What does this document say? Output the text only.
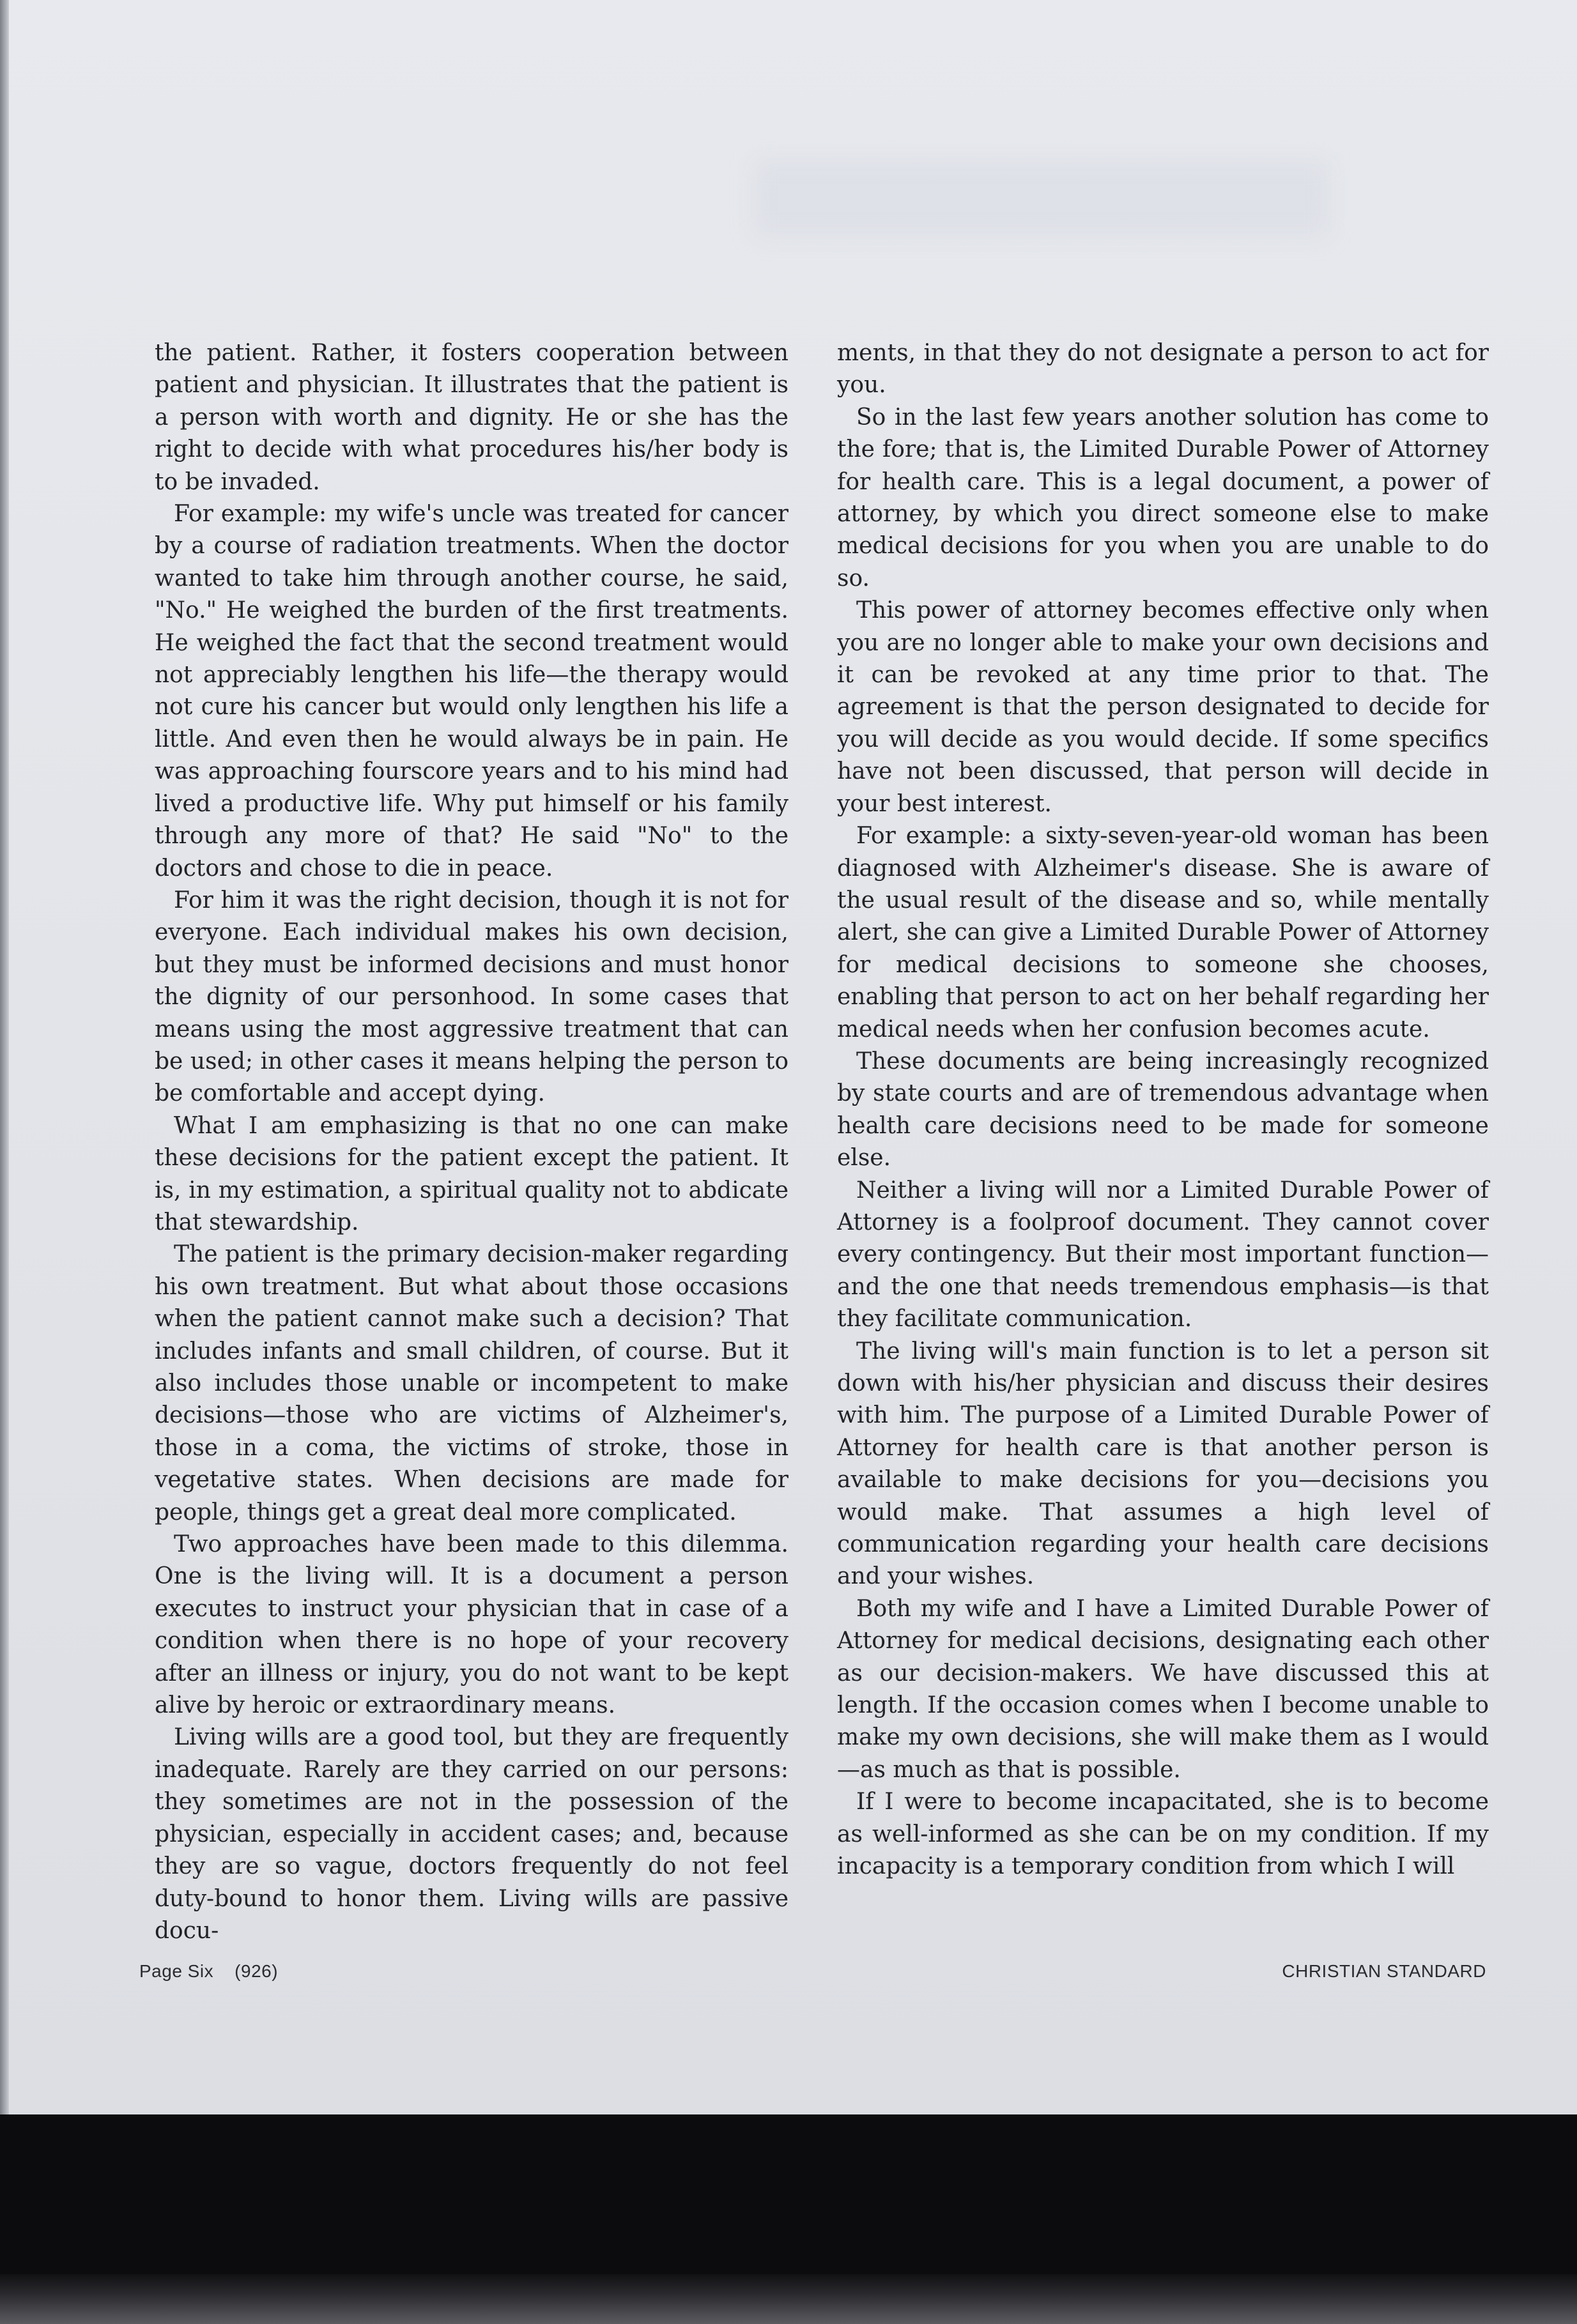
the patient. Rather, it fosters cooperation between patient and physician. It illustrates that the patient is a person with worth and dignity. He or she has the right to decide with what procedures his/her body is to be invaded.

For example: my wife's uncle was treated for cancer by a course of radiation treatments. When the doctor wanted to take him through another course, he said, "No." He weighed the burden of the first treatments. He weighed the fact that the second treatment would not appreciably lengthen his life—the therapy would not cure his cancer but would only lengthen his life a little. And even then he would always be in pain. He was approaching fourscore years and to his mind had lived a productive life. Why put himself or his family through any more of that? He said "No" to the doctors and chose to die in peace.

For him it was the right decision, though it is not for everyone. Each individual makes his own decision, but they must be informed decisions and must honor the dignity of our personhood. In some cases that means using the most aggressive treatment that can be used; in other cases it means helping the person to be comfortable and accept dying.

What I am emphasizing is that no one can make these decisions for the patient except the patient. It is, in my estimation, a spiritual quality not to abdicate that stewardship.

The patient is the primary decision-maker regarding his own treatment. But what about those occasions when the patient cannot make such a decision? That includes infants and small children, of course. But it also includes those unable or incompetent to make decisions—those who are victims of Alzheimer's, those in a coma, the victims of stroke, those in vegetative states. When decisions are made for people, things get a great deal more complicated.

Two approaches have been made to this dilemma. One is the living will. It is a document a person executes to instruct your physician that in case of a condition when there is no hope of your recovery after an illness or injury, you do not want to be kept alive by heroic or extraordinary means.

Living wills are a good tool, but they are frequently inadequate. Rarely are they carried on our persons: they sometimes are not in the possession of the physician, especially in accident cases; and, because they are so vague, doctors frequently do not feel duty-bound to honor them. Living wills are passive docu-

ments, in that they do not designate a person to act for you.

So in the last few years another solution has come to the fore; that is, the Limited Durable Power of Attorney for health care. This is a legal document, a power of attorney, by which you direct someone else to make medical decisions for you when you are unable to do so.

This power of attorney becomes effective only when you are no longer able to make your own decisions and it can be revoked at any time prior to that. The agreement is that the person designated to decide for you will decide as you would decide. If some specifics have not been discussed, that person will decide in your best interest.

For example: a sixty-seven-year-old woman has been diagnosed with Alzheimer's disease. She is aware of the usual result of the disease and so, while mentally alert, she can give a Limited Durable Power of Attorney for medical decisions to someone she chooses, enabling that person to act on her behalf regarding her medical needs when her confusion becomes acute.

These documents are being increasingly recognized by state courts and are of tremendous advantage when health care decisions need to be made for someone else.

Neither a living will nor a Limited Durable Power of Attorney is a foolproof document. They cannot cover every contingency. But their most important function—and the one that needs tremendous emphasis—is that they facilitate communication.

The living will's main function is to let a person sit down with his/her physician and discuss their desires with him. The purpose of a Limited Durable Power of Attorney for health care is that another person is available to make decisions for you—decisions you would make. That assumes a high level of communication regarding your health care decisions and your wishes.

Both my wife and I have a Limited Durable Power of Attorney for medical decisions, designating each other as our decision-makers. We have discussed this at length. If the occasion comes when I become unable to make my own decisions, she will make them as I would—as much as that is possible.

If I were to become incapacitated, she is to become as well-informed as she can be on my condition. If my incapacity is a temporary condition from which I will

Page Six    (926)	CHRISTIAN STANDARD
